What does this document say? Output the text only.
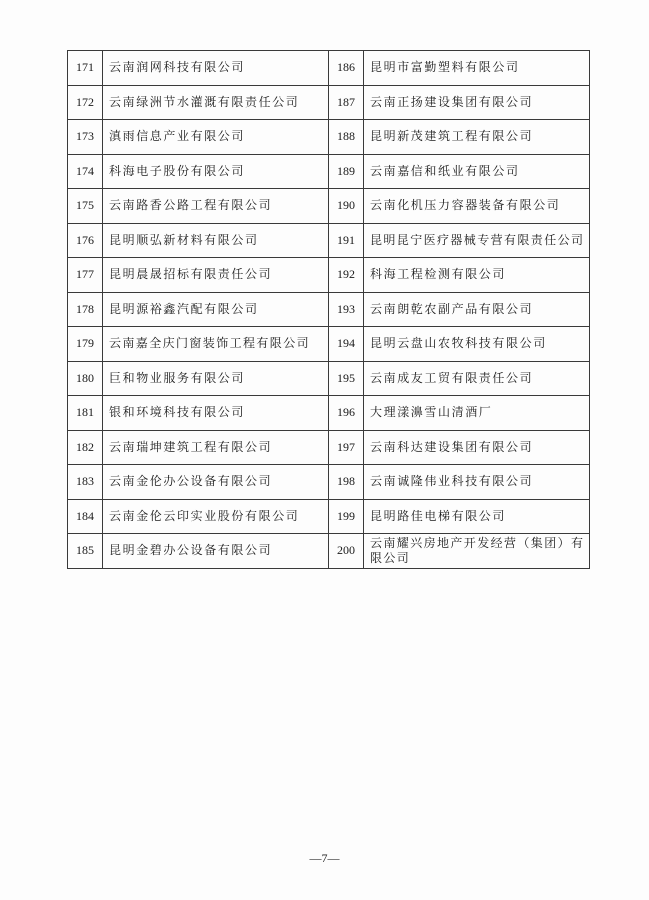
171	云南润网科技有限公司	186	昆明市富勤塑料有限公司
172	云南绿洲节水灌溉有限责任公司	187	云南正扬建设集团有限公司
173	滇雨信息产业有限公司	188	昆明新茂建筑工程有限公司
174	科海电子股份有限公司	189	云南嘉信和纸业有限公司
175	云南路香公路工程有限公司	190	云南化机压力容器装备有限公司
176	昆明顺弘新材料有限公司	191	昆明昆宁医疗器械专营有限责任公司
177	昆明晨晟招标有限责任公司	192	科海工程检测有限公司
178	昆明源裕鑫汽配有限公司	193	云南朗乾农副产品有限公司
179	云南嘉全庆门窗装饰工程有限公司	194	昆明云盘山农牧科技有限公司
180	巨和物业服务有限公司	195	云南成友工贸有限责任公司
181	银和环境科技有限公司	196	大理漾濞雪山清酒厂
182	云南瑞坤建筑工程有限公司	197	云南科达建设集团有限公司
183	云南金伦办公设备有限公司	198	云南诚隆伟业科技有限公司
184	云南金伦云印实业股份有限公司	199	昆明路佳电梯有限公司
185	昆明金碧办公设备有限公司	200	云南耀兴房地产开发经营（集团）有限公司
—7—
